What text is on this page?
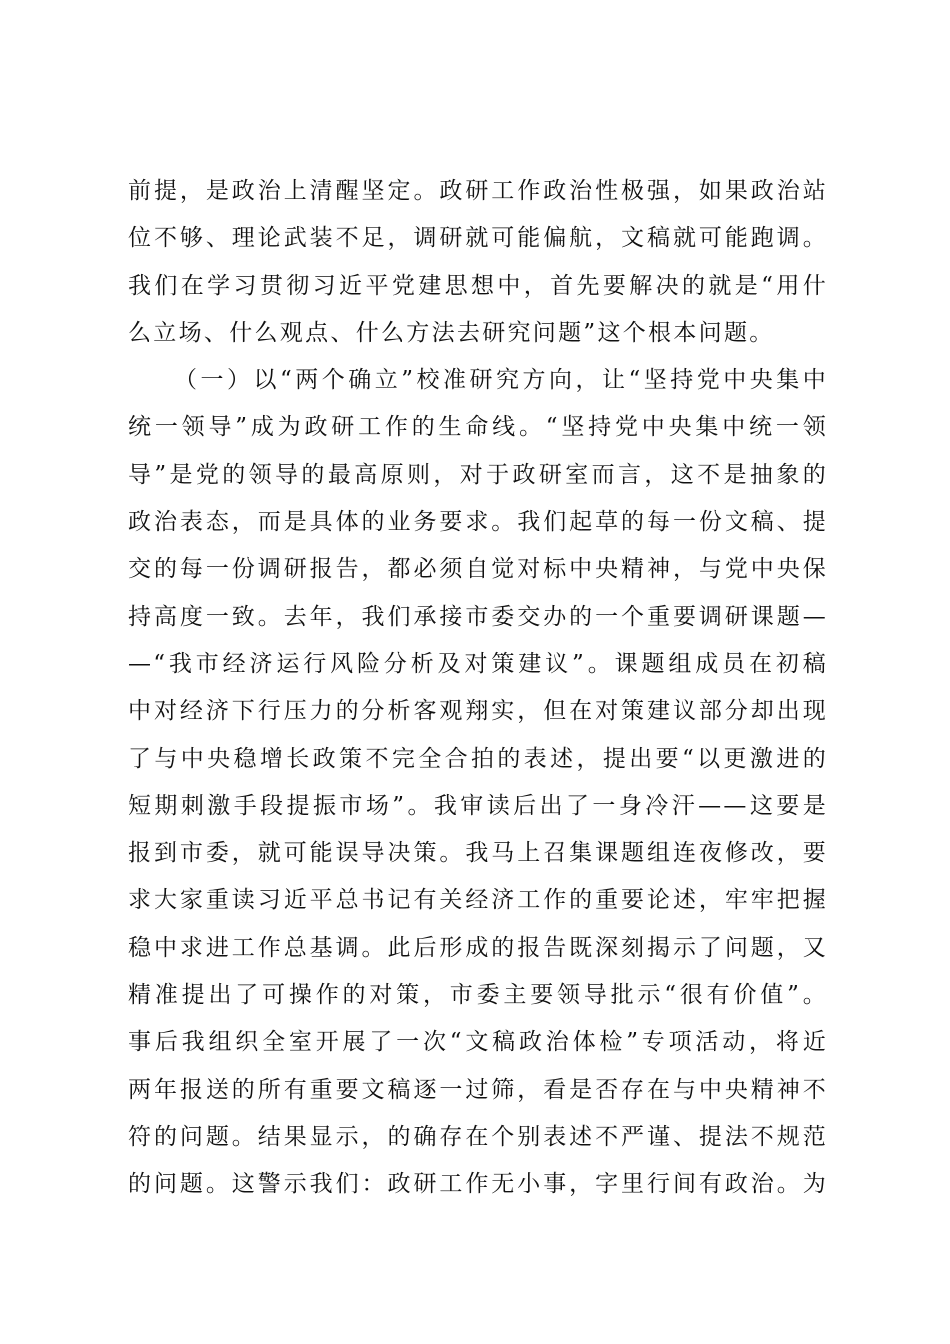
前提，是政治上清醒坚定。政研工作政治性极强，如果政治站
位不够、理论武装不足，调研就可能偏航，文稿就可能跑调。
我们在学习贯彻习近平党建思想中，首先要解决的就是“用什
么立场、什么观点、什么方法去研究问题”这个根本问题。
（一）以“两个确立”校准研究方向，让“坚持党中央集中
统一领导”成为政研工作的生命线。“坚持党中央集中统一领
导”是党的领导的最高原则，对于政研室而言，这不是抽象的
政治表态，而是具体的业务要求。我们起草的每一份文稿、提
交的每一份调研报告，都必须自觉对标中央精神，与党中央保
持高度一致。去年，我们承接市委交办的一个重要调研课题—
—“我市经济运行风险分析及对策建议”。课题组成员在初稿
中对经济下行压力的分析客观翔实，但在对策建议部分却出现
了与中央稳增长政策不完全合拍的表述，提出要“以更激进的
短期刺激手段提振市场”。我审读后出了一身冷汗——这要是
报到市委，就可能误导决策。我马上召集课题组连夜修改，要
求大家重读习近平总书记有关经济工作的重要论述，牢牢把握
稳中求进工作总基调。此后形成的报告既深刻揭示了问题，又
精准提出了可操作的对策，市委主要领导批示“很有价值”。
事后我组织全室开展了一次“文稿政治体检”专项活动，将近
两年报送的所有重要文稿逐一过筛，看是否存在与中央精神不
符的问题。结果显示，的确存在个别表述不严谨、提法不规范
的问题。这警示我们：政研工作无小事，字里行间有政治。为
